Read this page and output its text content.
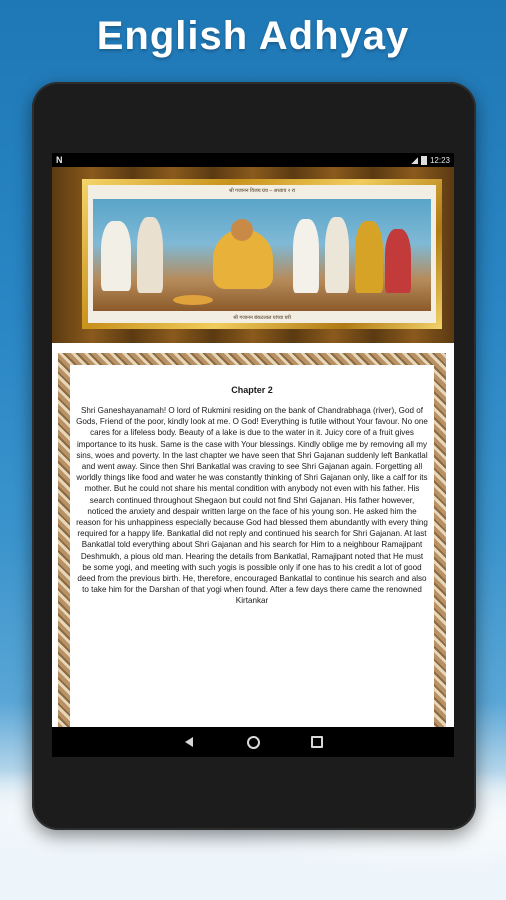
English Adhyay
N	12:23
श्री गजानन विजय ग्रंथ – अध्याय २ रा
श्री गजानन बंकटलाल यांच्या घरी
Chapter 2

Shri Ganeshayanamah! O lord of Rukmini residing on the bank of Chandrabhaga (river), God of Gods, Friend of the poor, kindly look at me. O God! Everything is futile without Your favour. No one cares for a lifeless body. Beauty of a lake is due to the water in it. Juicy core of a fruit gives importance to its husk. Same is the case with Your blessings. Kindly oblige me by removing all my sins, woes and poverty. In the last chapter we have seen that Shri Gajanan suddenly left Bankatlal and went away. Since then Shri Bankatlal was craving to see Shri Gajanan again. Forgetting all worldly things like food and water he was constantly thinking of Shri Gajanan only, like a calf for its mother. But he could not share his mental condition with anybody not even with his father. His search continued throughout Shegaon but could not find Shri Gajanan. His father however, noticed the anxiety and despair written large on the face of his young son. He asked him the reason for his unhappiness especially because God had blessed them abundantly with every thing required for a happy life. Bankatlal did not reply and continued his search for Shri Gajanan. At last Bankatlal told everything about Shri Gajanan and his search for Him to a neighbour Ramajipant Deshmukh, a pious old man. Hearing the details from Bankatlal, Ramajipant noted that He must be some yogi, and meeting with such yogis is possible only if one has to his credit a lot of good deed from the previous birth. He, therefore, encouraged Bankatlal to continue his search and also to take him for the Darshan of that yogi when found. After a few days there came the renowned Kirtankar
